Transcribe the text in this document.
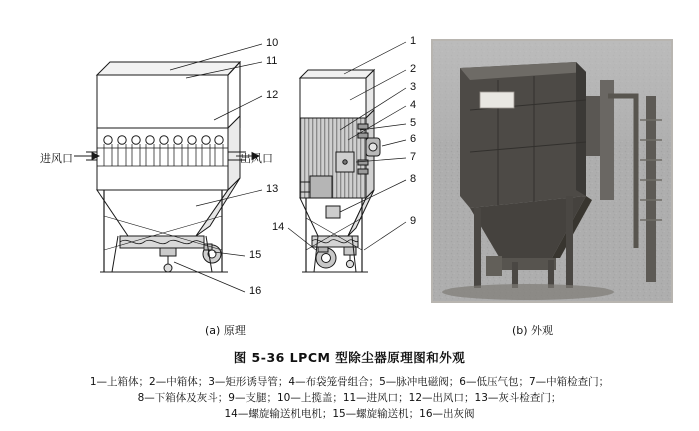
10
11
12
13
15
16
1
2
3
4
5
6
7
8
9
14
进风口	出风口
(a) 原理	(b) 外观
图 5-36 LPCM 型除尘器原理图和外观
1—上箱体；2—中箱体；3—矩形诱导管；4—布袋笼骨组合；5—脉冲电磁阀；6—低压气包；7—中箱检查门；
8—下箱体及灰斗；9—支腿；10—上揽盖；11—进风口；12—出风口；13—灰斗检查门；
14—螺旋输送机电机；15—螺旋输送机；16—出灰阀
